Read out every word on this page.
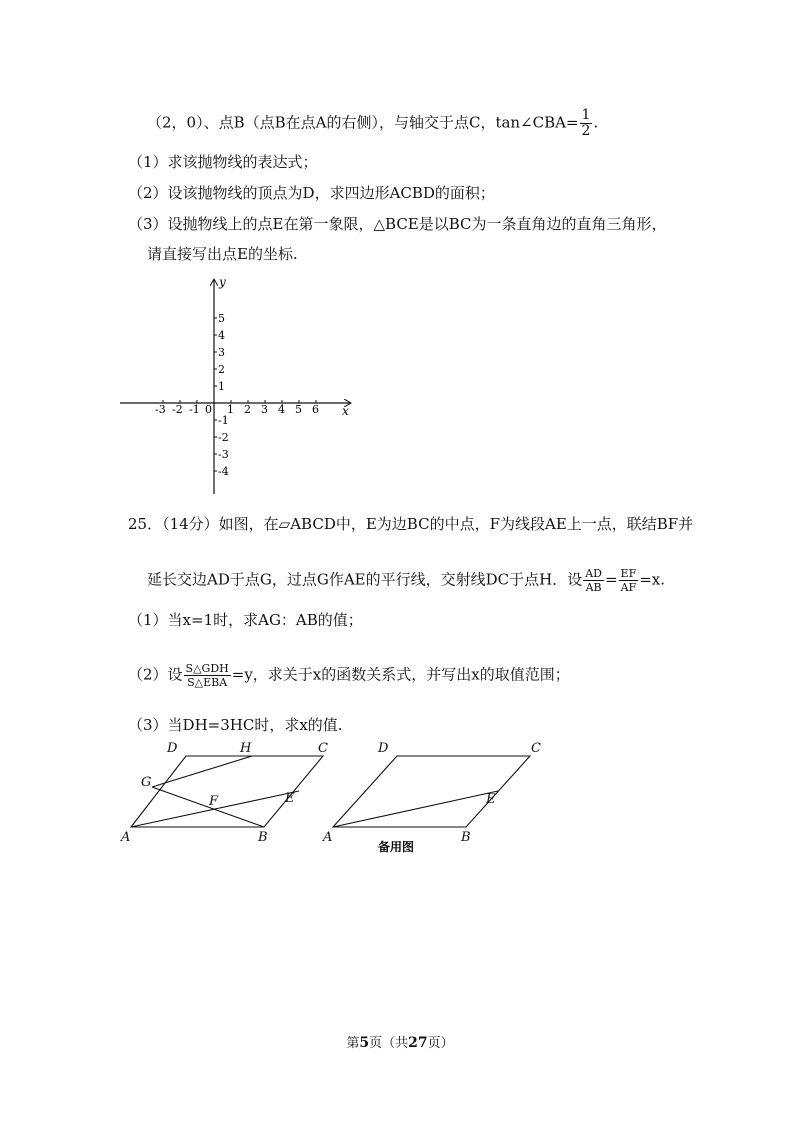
（2，0）、点B（点B在点A的右侧），与轴交于点C，tan∠CBA= $\frac{1}{2}$ .
（1）求该抛物线的表达式；
（2）设该抛物线的顶点为D，求四边形ACBD的面积；
（3）设抛物线上的点E在第一象限，△BCE是以BC为一条直角边的直角三角形，
请直接写出点E的坐标.
-3 -2 -1 1 2 3 4 5 6
5
4
3
2
1
-1
-2
-3
-4
y
x
0
25．（14分）如图，在▱ABCD中，E为边BC的中点，F为线段AE上一点，联结BF并
延长交边AD于点G，过点G作AE的平行线，交射线DC于点H．设 $\frac{AD}{AB} = \frac{EF}{AF} =x$.
（1）当x=1时，求AG：AB的值；
（2）设 $\frac{\text{S△GDH}}{\text{S△EBA}} =y$，求关于x的函数关系式，并写出x的取值范围；
（3）当DH=3HC时，求x的值.
A	B
C
D
E
F
G
H
A	B
C
D
E
备用图
第5页（共27页）
